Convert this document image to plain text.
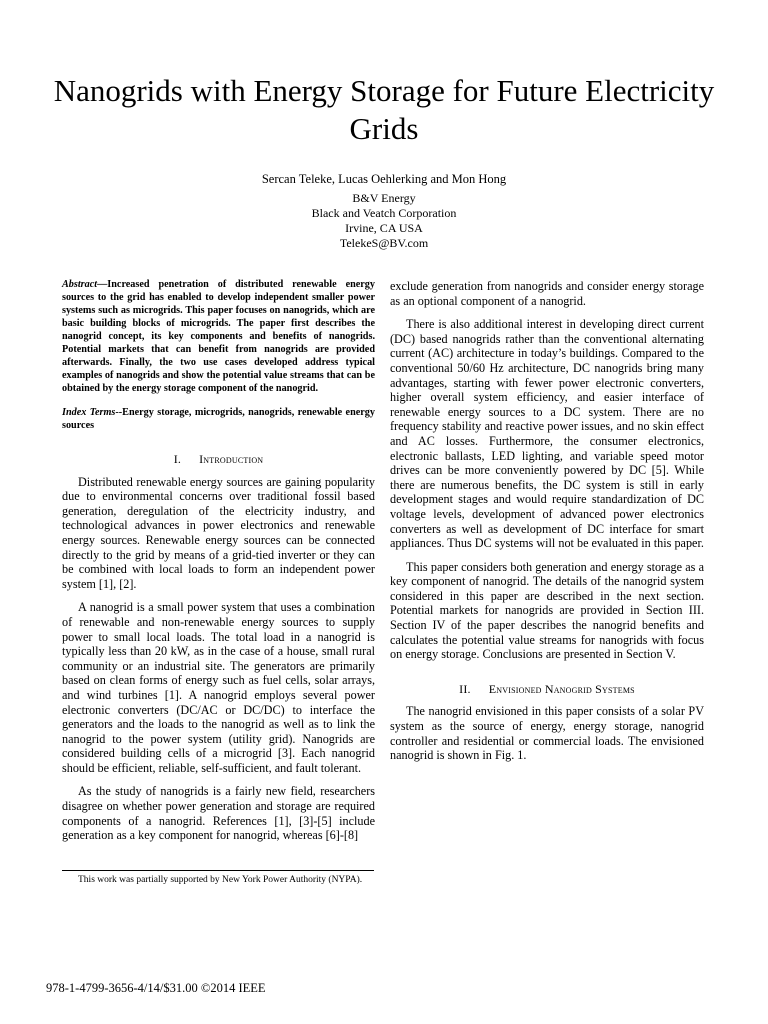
Nanogrids with Energy Storage for Future Electricity Grids
Sercan Teleke, Lucas Oehlerking and Mon Hong
B&V Energy
Black and Veatch Corporation
Irvine, CA USA
TelekeS@BV.com

Abstract—Increased penetration of distributed renewable energy sources to the grid has enabled to develop independent smaller power systems such as microgrids. This paper focuses on nanogrids, which are basic building blocks of microgrids. The paper first describes the nanogrid concept, its key components and benefits of nanogrids. Potential markets that can benefit from nanogrids are provided afterwards. Finally, the two use cases developed address typical examples of nanogrids and show the potential value streams that can be obtained by the energy storage component of the nanogrid.

Index Terms--Energy storage, microgrids, nanogrids, renewable energy sources

I. Introduction

Distributed renewable energy sources are gaining popularity due to environmental concerns over traditional fossil based generation, deregulation of the electricity industry, and technological advances in power electronics and renewable energy sources. Renewable energy sources can be connected directly to the grid by means of a grid-tied inverter or they can be combined with local loads to form an independent power system [1], [2].

A nanogrid is a small power system that uses a combination of renewable and non-renewable energy sources to supply power to small local loads. The total load in a nanogrid is typically less than 20 kW, as in the case of a house, small rural community or an industrial site. The generators are primarily based on clean forms of energy such as fuel cells, solar arrays, and wind turbines [1]. A nanogrid employs several power electronic converters (DC/AC or DC/DC) to interface the generators and the loads to the nanogrid as well as to link the nanogrid to the power system (utility grid). Nanogrids are considered building cells of a microgrid [3]. Each nanogrid should be efficient, reliable, self-sufficient, and fault tolerant.

As the study of nanogrids is a fairly new field, researchers disagree on whether power generation and storage are required components of a nanogrid. References [1], [3]-[5] include generation as a key component for nanogrid, whereas [6]-[8]

exclude generation from nanogrids and consider energy storage as an optional component of a nanogrid.

There is also additional interest in developing direct current (DC) based nanogrids rather than the conventional alternating current (AC) architecture in today’s buildings. Compared to the conventional 50/60 Hz architecture, DC nanogrids bring many advantages, starting with fewer power electronic converters, higher overall system efficiency, and easier interface of renewable energy sources to a DC system. There are no frequency stability and reactive power issues, and no skin effect and AC losses. Furthermore, the consumer electronics, electronic ballasts, LED lighting, and variable speed motor drives can be more conveniently powered by DC [5]. While there are numerous benefits, the DC system is still in early development stages and would require standardization of DC voltage levels, development of advanced power electronics converters as well as development of DC interface for smart appliances. Thus DC systems will not be evaluated in this paper.

This paper considers both generation and energy storage as a key component of nanogrid. The details of the nanogrid system considered in this paper are described in the next section. Potential markets for nanogrids are provided in Section III. Section IV of the paper describes the nanogrid benefits and calculates the potential value streams for nanogrids with focus on energy storage. Conclusions are presented in Section V.

II. Envisioned Nanogrid Systems

The nanogrid envisioned in this paper consists of a solar PV system as the source of energy, energy storage, nanogrid controller and residential or commercial loads. The envisioned nanogrid is shown in Fig. 1.

This work was partially supported by New York Power Authority (NYPA).
978-1-4799-3656-4/14/$31.00 ©2014 IEEE
